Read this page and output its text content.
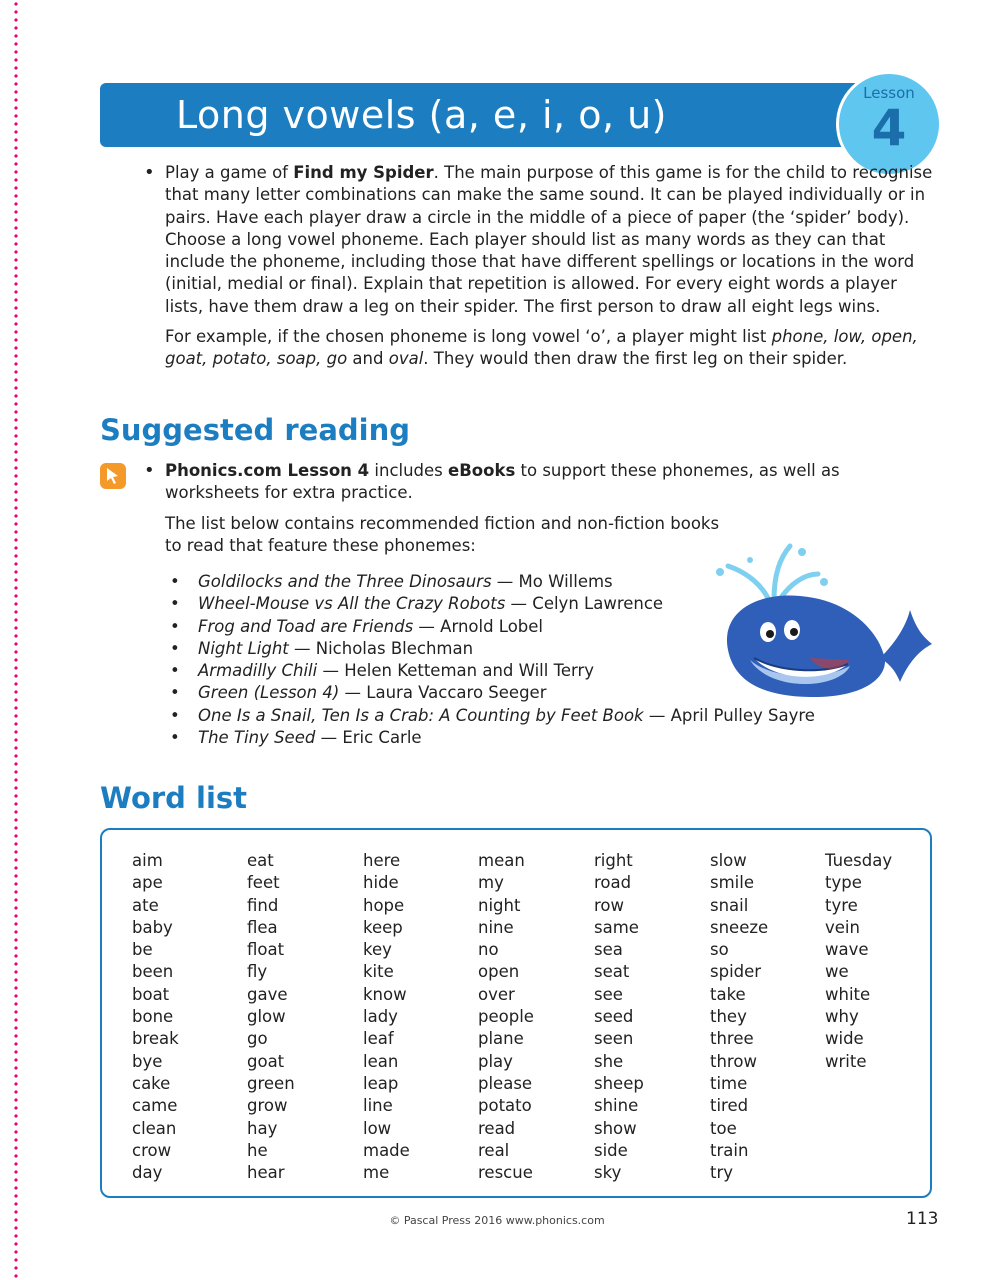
Long vowels (a, e, i, o, u)	Lesson
4
• Play a game of Find my Spider. The main purpose of this game is for the child to recognise that many letter combinations can make the same sound. It can be played individually or in pairs. Have each player draw a circle in the middle of a piece of paper (the ‘spider’ body). Choose a long vowel phoneme. Each player should list as many words as they can that include the phoneme, including those that have different spellings or locations in the word (initial, medial or final). Explain that repetition is allowed. For every eight words a player lists, have them draw a leg on their spider. The first person to draw all eight legs wins.

For example, if the chosen phoneme is long vowel ‘o’, a player might list phone, low, open, goat, potato, soap, go and oval. They would then draw the first leg on their spider.

Suggested reading
• Phonics.com Lesson 4 includes eBooks to support these phonemes, as well as worksheets for extra practice.

The list below contains recommended fiction and non-fiction books to read that feature these phonemes:

• Goldilocks and the Three Dinosaurs — Mo Willems
• Wheel-Mouse vs All the Crazy Robots — Celyn Lawrence
• Frog and Toad are Friends — Arnold Lobel
• Night Light — Nicholas Blechman
• Armadilly Chili — Helen Ketteman and Will Terry
• Green (Lesson 4) — Laura Vaccaro Seeger
• One Is a Snail, Ten Is a Crab: A Counting by Feet Book — April Pulley Sayre
• The Tiny Seed — Eric Carle
Word list
aim
ape
ate
baby
be
been
boat
bone
break
bye
cake
came
clean
crow
day
eat
feet
find
flea
float
fly
gave
glow
go
goat
green
grow
hay
he
hear
here
hide
hope
keep
key
kite
know
lady
leaf
lean
leap
line
low
made
me
mean
my
night
nine
no
open
over
people
plane
play
please
potato
read
real
rescue
right
road
row
same
sea
seat
see
seed
seen
she
sheep
shine
show
side
sky
slow
smile
snail
sneeze
so
spider
take
they
three
throw
time
tired
toe
train
try
Tuesday
type
tyre
vein
wave
we
white
why
wide
write
© Pascal Press 2016 www.phonics.com	113
